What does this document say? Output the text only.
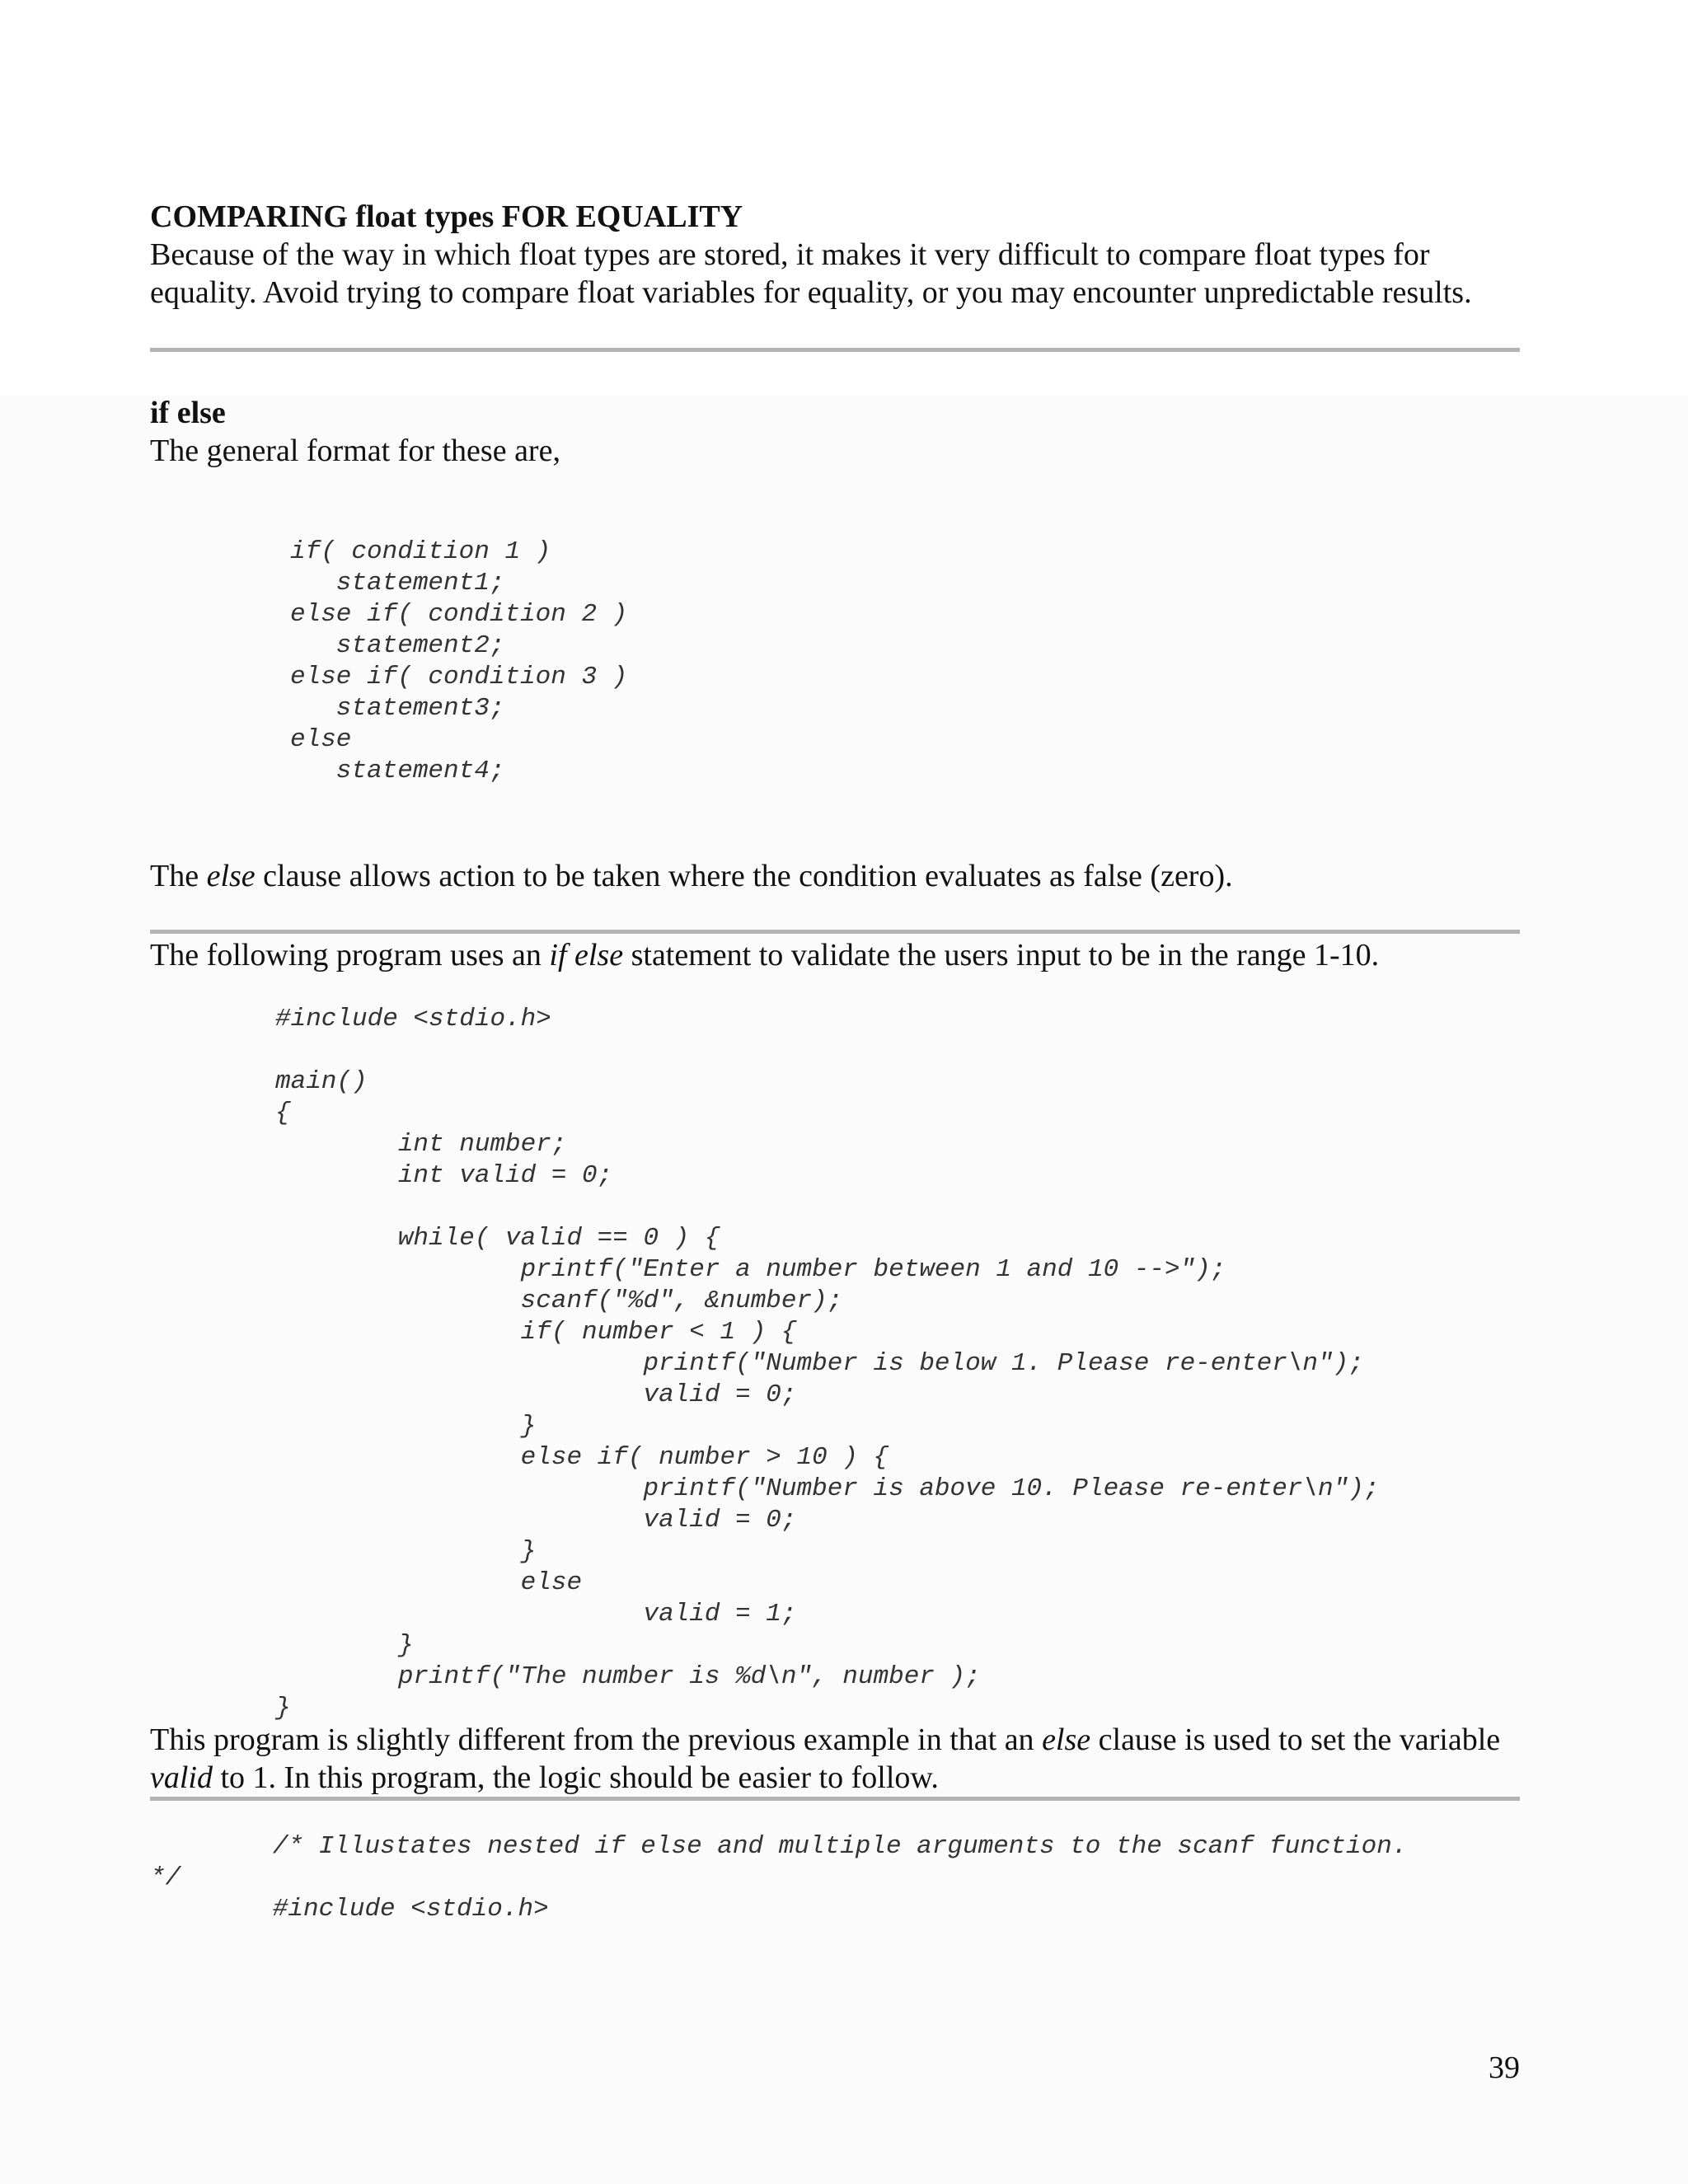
COMPARING float types FOR EQUALITY

Because of the way in which float types are stored, it makes it very difficult to compare float types for equality. Avoid trying to compare float variables for equality, or you may encounter unpredictable results.

if else

The general format for these are,

if( condition 1 )
statement1;
else if( condition 2 )
statement2;
else if( condition 3 )
statement3;
else
statement4;

The else clause allows action to be taken where the condition evaluates as false (zero).

The following program uses an if else statement to validate the users input to be in the range 1-10.

#include <stdio.h>

main()
{
int number;
int valid = 0;

while( valid == 0 ) {
printf("Enter a number between 1 and 10 -->");
scanf("%d", &number);
if( number < 1 ) {
printf("Number is below 1. Please re-enter\n");
valid = 0;
}
else if( number > 10 ) {
printf("Number is above 10. Please re-enter\n");
valid = 0;
}
else
valid = 1;
}
printf("The number is %d\n", number );
}

This program is slightly different from the previous example in that an else clause is used to set the variable valid to 1. In this program, the logic should be easier to follow.

/* Illustates nested if else and multiple arguments to the scanf function.
*/
#include <stdio.h>

39
